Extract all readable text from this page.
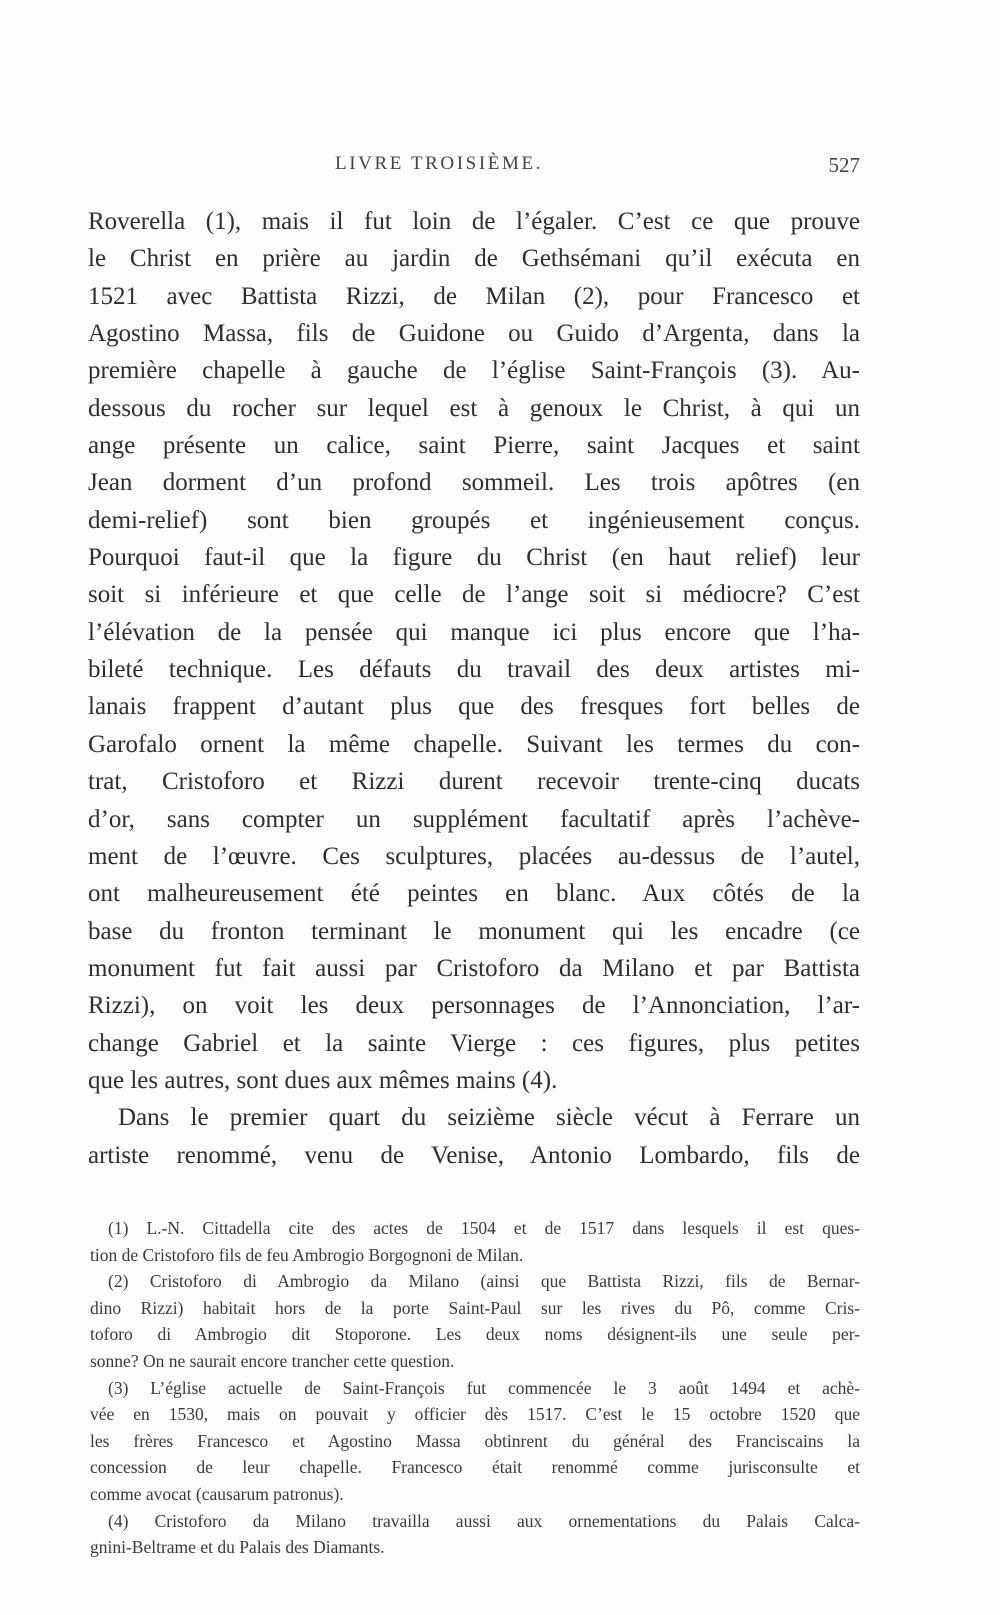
LIVRE TROISIÈME.	527
Roverella (1), mais il fut loin de l’égaler. C’est ce que prouve
le Christ en prière au jardin de Gethsémani qu’il exécuta en
1521 avec Battista Rizzi, de Milan (2), pour Francesco et
Agostino Massa, fils de Guidone ou Guido d’Argenta, dans la
première chapelle à gauche de l’église Saint-François (3). Au-
dessous du rocher sur lequel est à genoux le Christ, à qui un
ange présente un calice, saint Pierre, saint Jacques et saint
Jean dorment d’un profond sommeil. Les trois apôtres (en
demi-relief) sont bien groupés et ingénieusement conçus.
Pourquoi faut-il que la figure du Christ (en haut relief) leur
soit si inférieure et que celle de l’ange soit si médiocre? C’est
l’élévation de la pensée qui manque ici plus encore que l’ha-
bileté technique. Les défauts du travail des deux artistes mi-
lanais frappent d’autant plus que des fresques fort belles de
Garofalo ornent la même chapelle. Suivant les termes du con-
trat, Cristoforo et Rizzi durent recevoir trente-cinq ducats
d’or, sans compter un supplément facultatif après l’achève-
ment de l’œuvre. Ces sculptures, placées au-dessus de l’autel,
ont malheureusement été peintes en blanc. Aux côtés de la
base du fronton terminant le monument qui les encadre (ce
monument fut fait aussi par Cristoforo da Milano et par Battista
Rizzi), on voit les deux personnages de l’Annonciation, l’ar-
change Gabriel et la sainte Vierge : ces figures, plus petites
que les autres, sont dues aux mêmes mains (4).
Dans le premier quart du seizième siècle vécut à Ferrare un
artiste renommé, venu de Venise, Antonio Lombardo, fils de
(1) L.-N. Cittadella cite des actes de 1504 et de 1517 dans lesquels il est ques-
tion de Cristoforo fils de feu Ambrogio Borgognoni de Milan.
(2) Cristoforo di Ambrogio da Milano (ainsi que Battista Rizzi, fils de Bernar-
dino Rizzi) habitait hors de la porte Saint-Paul sur les rives du Pô, comme Cris-
toforo di Ambrogio dit Stoporone. Les deux noms désignent-ils une seule per-
sonne? On ne saurait encore trancher cette question.
(3) L’église actuelle de Saint-François fut commencée le 3 août 1494 et achè-
vée en 1530, mais on pouvait y officier dès 1517. C’est le 15 octobre 1520 que
les frères Francesco et Agostino Massa obtinrent du général des Franciscains la
concession de leur chapelle. Francesco était renommé comme jurisconsulte et
comme avocat (causarum patronus).
(4) Cristoforo da Milano travailla aussi aux ornementations du Palais Calca-
gnini-Beltrame et du Palais des Diamants.
